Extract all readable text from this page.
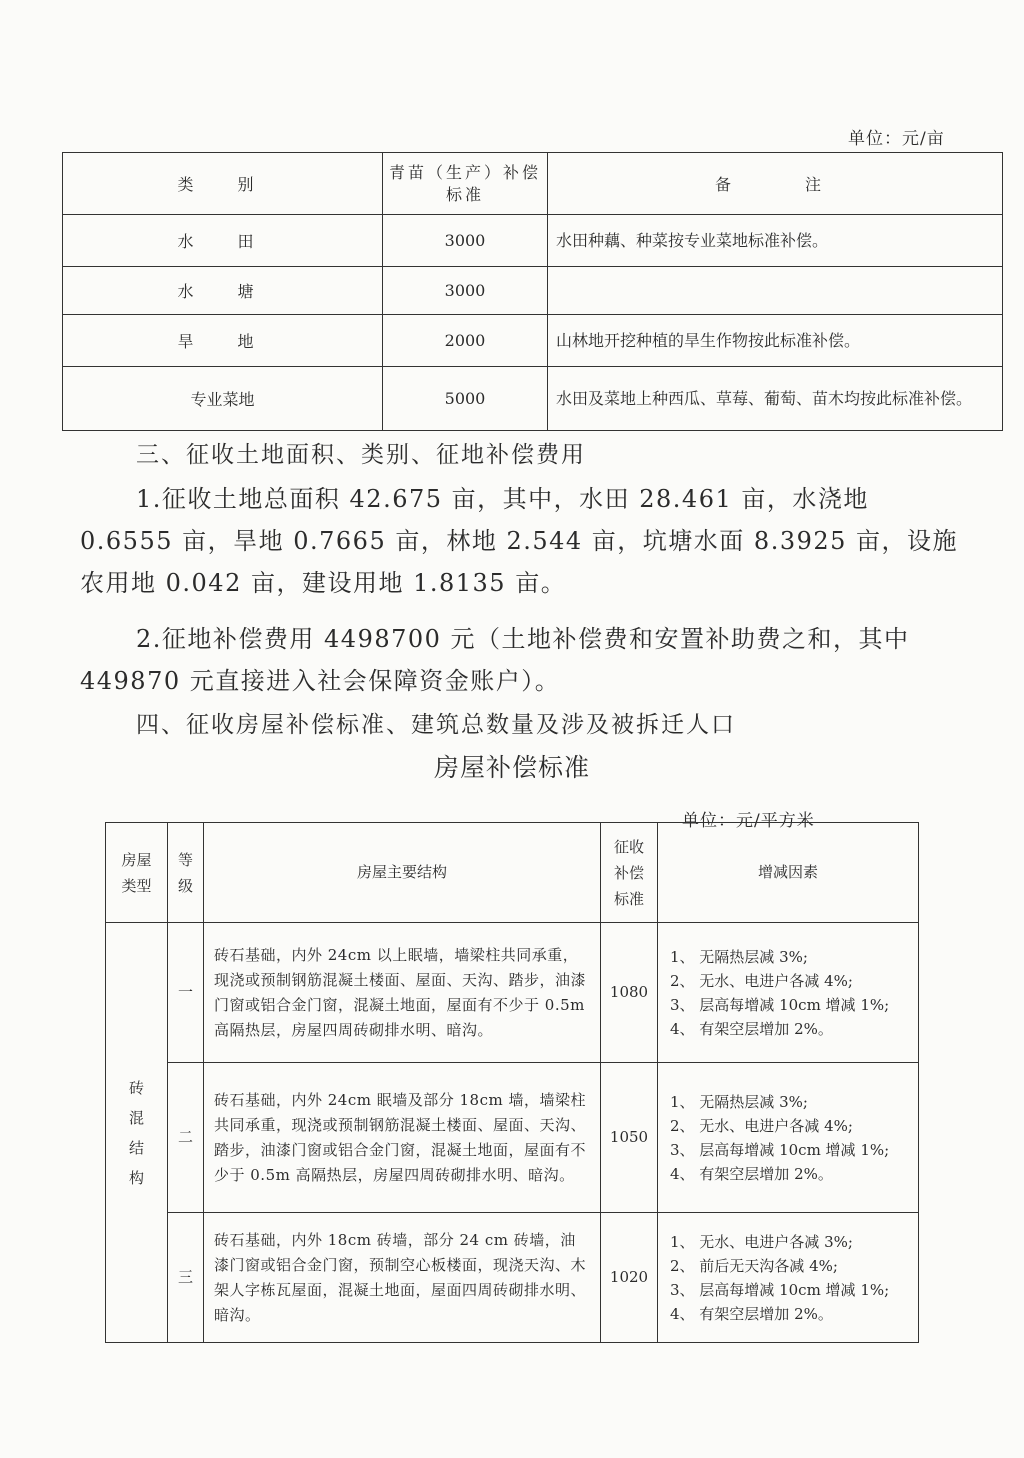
单位：元/亩
类　别	青苗（生产）补偿标准	备　　注
水　田	3000	水田种藕、种菜按专业菜地标准补偿。
水　塘	3000	
旱　地	2000	山林地开挖种植的旱生作物按此标准补偿。
专业菜地	5000	水田及菜地上种西瓜、草莓、葡萄、苗木均按此标准补偿。
三、征收土地面积、类别、征地补偿费用
1.征收土地总面积 42.675 亩，其中，水田 28.461 亩，水浇地 0.6555 亩，旱地 0.7665 亩，林地 2.544 亩，坑塘水面 8.3925 亩，设施农用地 0.042 亩，建设用地 1.8135 亩。
2.征地补偿费用 4498700 元（土地补偿费和安置补助费之和，其中 449870 元直接进入社会保障资金账户）。
四、征收房屋补偿标准、建筑总数量及涉及被拆迁人口
房屋补偿标准
单位：元/平方米
房屋类型	等级	房屋主要结构	征收补偿标准	增减因素

砖混结构	一	砖石基础，内外 24cm 以上眠墙，墙梁柱共同承重，现浇或预制钢筋混凝土楼面、屋面、天沟、踏步，油漆门窗或铝合金门窗，混凝土地面，屋面有不少于 0.5m 高隔热层，房屋四周砖砌排水明、暗沟。	1080	1、 无隔热层减 3%;
2、 无水、电进户各减 4%;
3、 层高每增减 10cm 增减 1%;
4、 有架空层增加 2%。

	二	砖石基础，内外 24cm 眠墙及部分 18cm 墙，墙梁柱共同承重，现浇或预制钢筋混凝土楼面、屋面、天沟、踏步，油漆门窗或铝合金门窗，混凝土地面，屋面有不少于 0.5m 高隔热层，房屋四周砖砌排水明、暗沟。	1050	1、 无隔热层减 3%;
2、 无水、电进户各减 4%;
3、 层高每增减 10cm 增减 1%;
4、 有架空层增加 2%。

	三	砖石基础，内外 18cm 砖墙，部分 24 cm 砖墙，油漆门窗或铝合金门窗，预制空心板楼面，现浇天沟、木架人字栋瓦屋面，混凝土地面，屋面四周砖砌排水明、暗沟。	1020	1、 无水、电进户各减 3%;
2、 前后无天沟各减 4%;
3、 层高每增减 10cm 增减 1%;
4、 有架空层增加 2%。
